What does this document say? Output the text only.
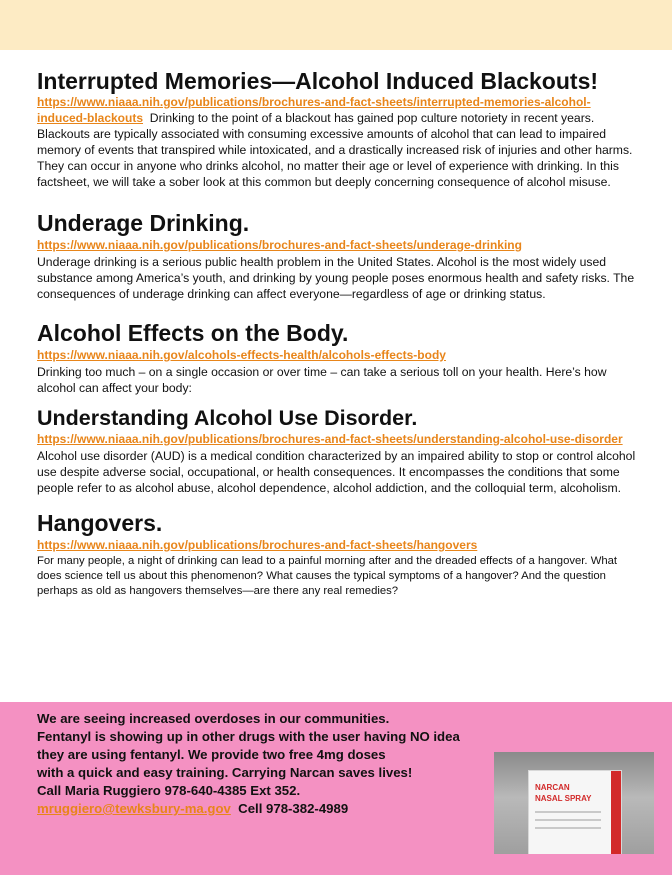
Interrupted Memories—Alcohol Induced Blackouts!

https://www.niaaa.nih.gov/publications/brochures-and-fact-sheets/interrupted-memories-alcohol-induced-blackouts Drinking to the point of a blackout has gained pop culture notoriety in recent years. Blackouts are typically associated with consuming excessive amounts of alcohol that can lead to impaired memory of events that transpired while intoxicated, and a drastically increased risk of injuries and other harms. They can occur in anyone who drinks alcohol, no matter their age or level of experience with drinking. In this factsheet, we will take a sober look at this common but deeply concerning consequence of alcohol misuse.

Underage Drinking.
https://www.niaaa.nih.gov/publications/brochures-and-fact-sheets/underage-drinking

Underage drinking is a serious public health problem in the United States. Alcohol is the most widely used substance among America’s youth, and drinking by young people poses enormous health and safety risks. The consequences of underage drinking can affect everyone—regardless of age or drinking status.

Alcohol Effects on the Body.
https://www.niaaa.nih.gov/alcohols-effects-health/alcohols-effects-body

Drinking too much – on a single occasion or over time – can take a serious toll on your health. Here’s how alcohol can affect your body:

Understanding Alcohol Use Disorder.
https://www.niaaa.nih.gov/publications/brochures-and-fact-sheets/understanding-alcohol-use-disorder

Alcohol use disorder (AUD) is a medical condition characterized by an impaired ability to stop or control alcohol use despite adverse social, occupational, or health consequences. It encompasses the conditions that some people refer to as alcohol abuse, alcohol dependence, alcohol addiction, and the colloquial term, alcoholism.

Hangovers.
https://www.niaaa.nih.gov/publications/brochures-and-fact-sheets/hangovers

For many people, a night of drinking can lead to a painful morning after and the dreaded effects of a hangover. What does science tell us about this phenomenon? What causes the typical symptoms of a hangover? And the question perhaps as old as hangovers themselves—are there any real remedies?

We are seeing increased overdoses in our communities.
Fentanyl is showing up in other drugs with the user having NO idea
they are using fentanyl. We provide two free 4mg doses
with a quick and easy training. Carrying Narcan saves lives!
Call Maria Ruggiero 978-640-4385 Ext 352.
mruggiero@tewksbury-ma.gov  Cell 978-382-4989
NARCAN
NASAL SPRAY
